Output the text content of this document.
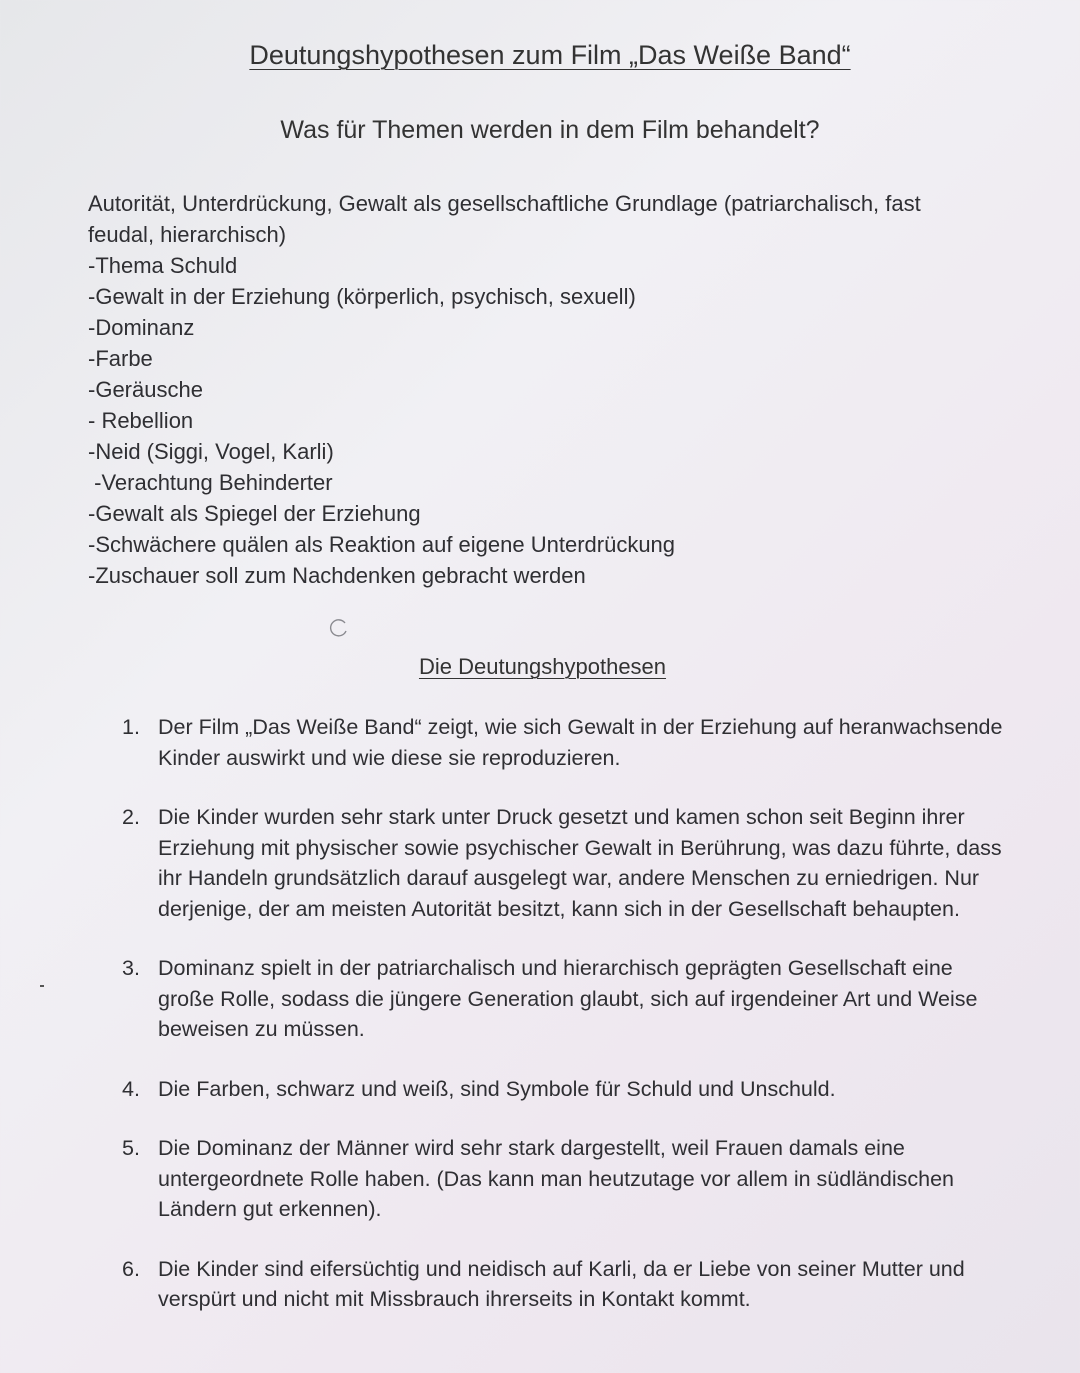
Deutungshypothesen zum Film „Das Weiße Band“
Was für Themen werden in dem Film behandelt?

Autorität, Unterdrückung, Gewalt als gesellschaftliche Grundlage (patriarchalisch, fast feudal, hierarchisch)

-Thema Schuld
-Gewalt in der Erziehung (körperlich, psychisch, sexuell)
-Dominanz
-Farbe
-Geräusche
- Rebellion
-Neid (Siggi, Vogel, Karli)
-Verachtung Behinderter
-Gewalt als Spiegel der Erziehung
-Schwächere quälen als Reaktion auf eigene Unterdrückung
-Zuschauer soll zum Nachdenken gebracht werden
Die Deutungshypothesen
1. Der Film „Das Weiße Band“ zeigt, wie sich Gewalt in der Erziehung auf heranwachsende Kinder auswirkt und wie diese sie reproduzieren.
2. Die Kinder wurden sehr stark unter Druck gesetzt und kamen schon seit Beginn ihrer Erziehung mit physischer sowie psychischer Gewalt in Berührung, was dazu führte, dass ihr Handeln grundsätzlich darauf ausgelegt war, andere Menschen zu erniedrigen. Nur derjenige, der am meisten Autorität besitzt, kann sich in der Gesellschaft behaupten.
3. Dominanz spielt in der patriarchalisch und hierarchisch geprägten Gesellschaft eine große Rolle, sodass die jüngere Generation glaubt, sich auf irgendeiner Art und Weise beweisen zu müssen.
4. Die Farben, schwarz und weiß, sind Symbole für Schuld und Unschuld.
5. Die Dominanz der Männer wird sehr stark dargestellt, weil Frauen damals eine untergeordnete Rolle haben. (Das kann man heutzutage vor allem in südländischen Ländern gut erkennen).
6. Die Kinder sind eifersüchtig und neidisch auf Karli, da er Liebe von seiner Mutter und verspürt und nicht mit Missbrauch ihrerseits in Kontakt kommt.
